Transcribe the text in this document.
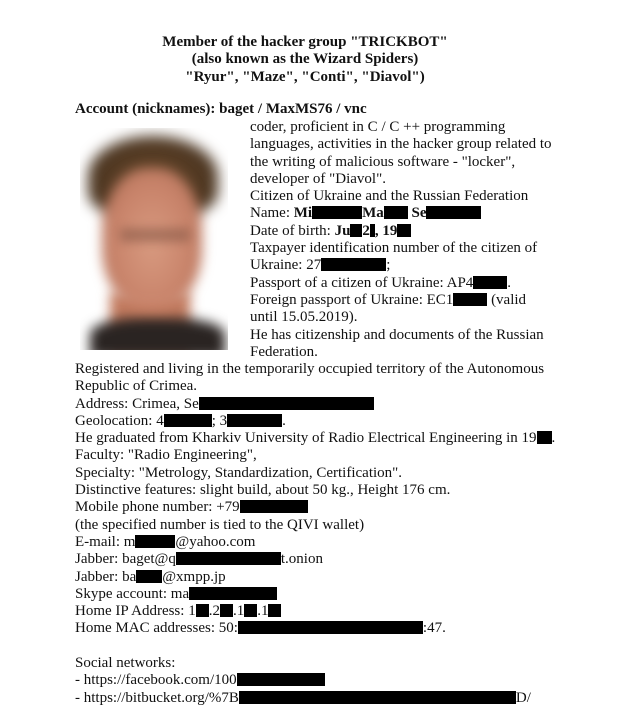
Member of the hacker group "TRICKBOT"
(also known as the Wizard Spiders)
"Ryur", "Maze", "Conti", "Diavol")
Account (nicknames): baget / MaxMS76 / vnc
coder, proficient in C / C ++ programming
languages, activities in the hacker group related to
the writing of malicious software - "locker",
developer of "Diavol".
Citizen of Ukraine and the Russian Federation
Name: Mi	Ma Se
Date of birth: Ju 2 , 19
Taxpayer identification number of the citizen of
Ukraine: 27	;
Passport of a citizen of Ukraine: AP4 .
Foreign passport of Ukraine: EC1 (valid
until 15.05.2019).
He has citizenship and documents of the Russian
Federation.
Registered and living in the temporarily occupied territory of the Autonomous
Republic of Crimea.
Address: Crimea, Se
Geolocation: 4	; 3	.
He graduated from Kharkiv University of Radio Electrical Engineering in 19 .
Faculty: "Radio Engineering",
Specialty: "Metrology, Standardization, Certification".
Distinctive features: slight build, about 50 kg., Height 176 cm.
Mobile phone number: +79
(the specified number is tied to the QIVI wallet)
E-mail: m	@yahoo.com
Jabber: baget@q	t.onion
Jabber: ba @xmpp.jp
Skype account: ma
Home IP Address: 1 .2 .1 .1
Home MAC addresses: 50:	:47.
Social networks:
- https://facebook.com/100
- https://bitbucket.org/%7B	D/
